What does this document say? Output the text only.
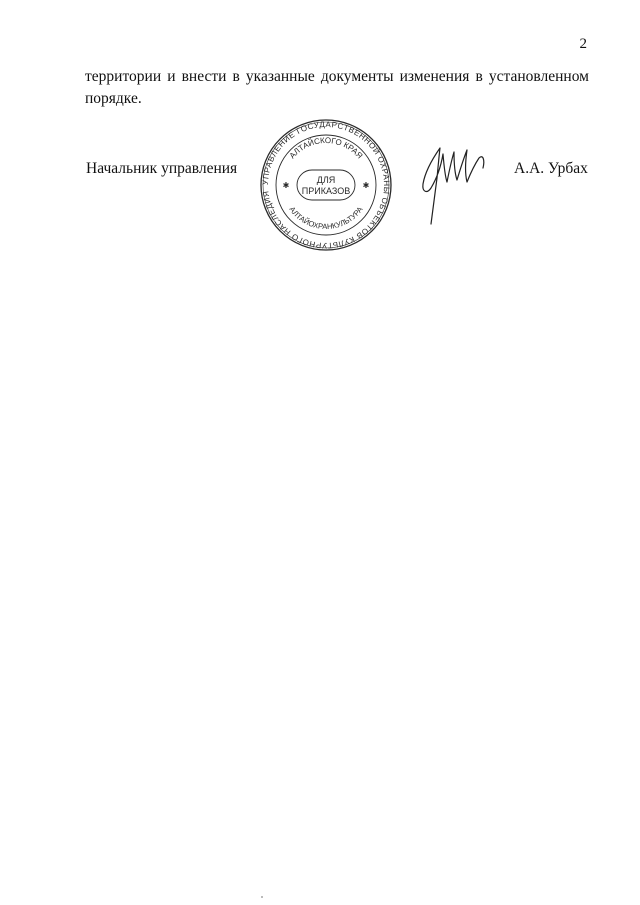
2

территории и внести в указанные документы изменения в установленном порядке.

Начальник управления
УПРАВЛЕНИЕ ГОСУДАРСТВЕННОЙ ОХРАНЫ ОБЪЕКТОВ КУЛЬТУРНОГО НАСЛЕДИЯ
АЛТАЙСКОГО КРАЯ
АЛТАЙОХРАНКУЛЬТУРА
✱	✱
ДЛЯ
ПРИКАЗОВ
А.А. Урбах
